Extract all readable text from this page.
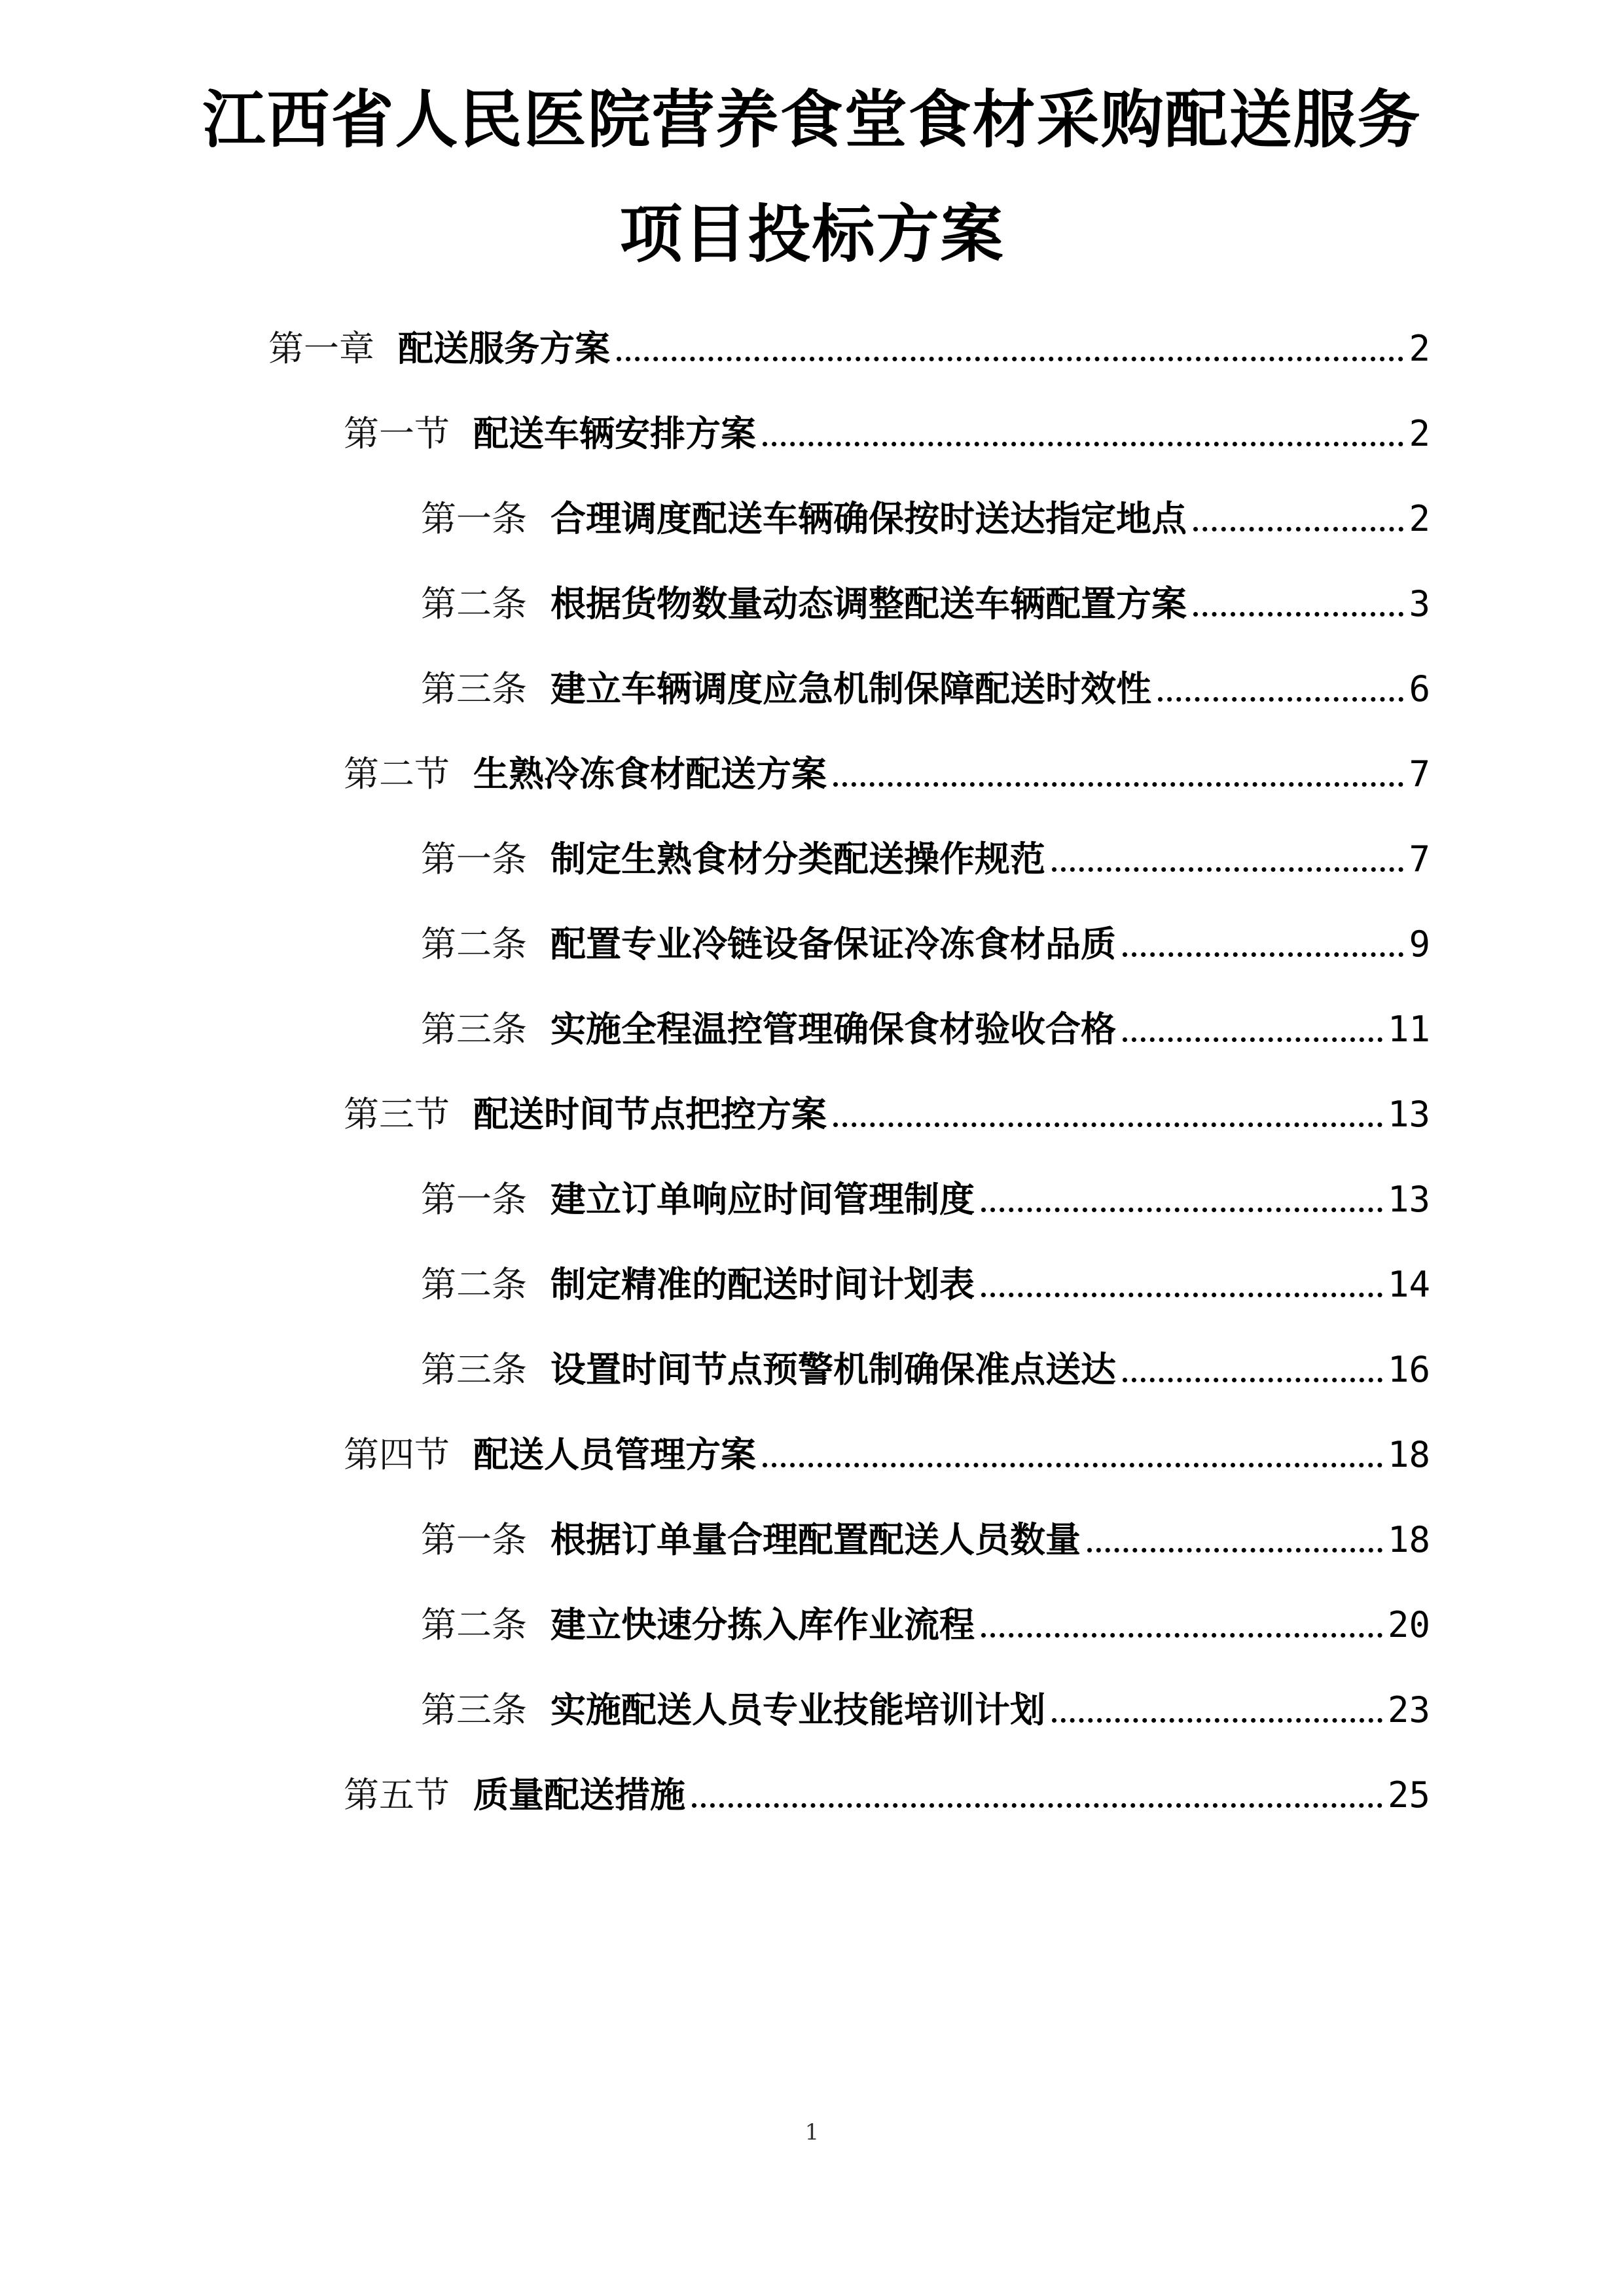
江西省人民医院营养食堂食材采购配送服务
项目投标方案
第一章 配送服务方案	2
第一节 配送车辆安排方案	2
第一条 合理调度配送车辆确保按时送达指定地点	2
第二条 根据货物数量动态调整配送车辆配置方案	3
第三条 建立车辆调度应急机制保障配送时效性	6
第二节 生熟冷冻食材配送方案	7
第一条 制定生熟食材分类配送操作规范	7
第二条 配置专业冷链设备保证冷冻食材品质	9
第三条 实施全程温控管理确保食材验收合格	11
第三节 配送时间节点把控方案	13
第一条 建立订单响应时间管理制度	13
第二条 制定精准的配送时间计划表	14
第三条 设置时间节点预警机制确保准点送达	16
第四节 配送人员管理方案	18
第一条 根据订单量合理配置配送人员数量	18
第二条 建立快速分拣入库作业流程	20
第三条 实施配送人员专业技能培训计划	23
第五节 质量配送措施	25
1
